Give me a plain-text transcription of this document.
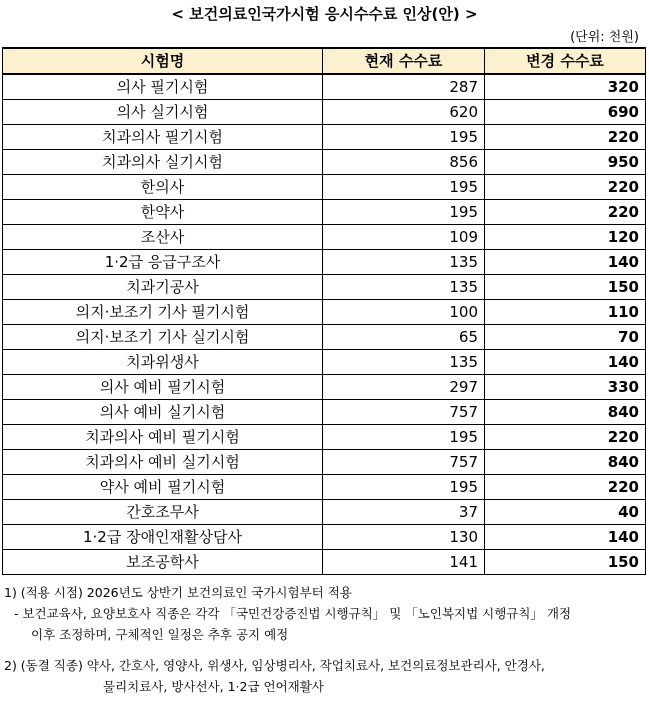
< 보건의료인국가시험 응시수수료 인상(안) >
(단위: 천원)
시험명	현재 수수료	변경 수수료
의사 필기시험	287	320
의사 실기시험	620	690
치과의사 필기시험	195	220
치과의사 실기시험	856	950
한의사	195	220
한약사	195	220
조산사	109	120
1·2급 응급구조사	135	140
치과기공사	135	150
의지·보조기 기사 필기시험	100	110
의지·보조기 기사 실기시험	65	70
치과위생사	135	140
의사 예비 필기시험	297	330
의사 예비 실기시험	757	840
치과의사 예비 필기시험	195	220
치과의사 예비 실기시험	757	840
약사 예비 필기시험	195	220
간호조무사	37	40
1·2급 장애인재활상담사	130	140
보조공학사	141	150
1) (적용 시점) 2026년도 상반기 보건의료인 국가시험부터 적용
- 보건교육사, 요양보호사 직종은 각각 「국민건강증진법 시행규칙」 및 「노인복지법 시행규칙」 개정
이후 조정하며, 구체적인 일정은 추후 공지 예정
2) (동결 직종) 약사, 간호사, 영양사, 위생사, 임상병리사, 작업치료사, 보건의료정보관리사, 안경사,
물리치료사, 방사선사, 1·2급 언어재활사
